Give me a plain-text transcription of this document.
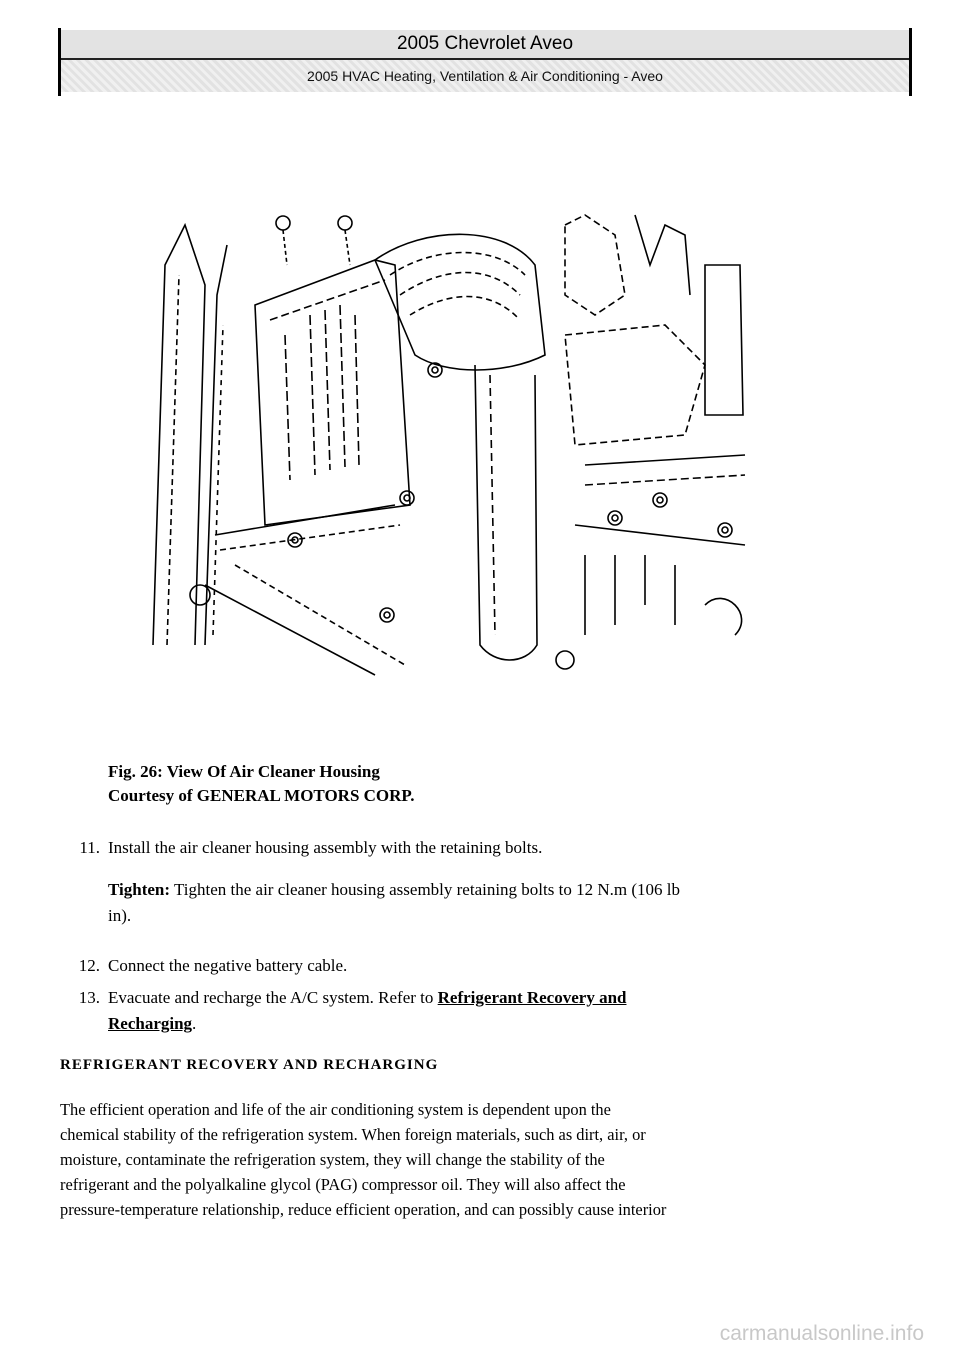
2005 Chevrolet Aveo
2005 HVAC Heating, Ventilation & Air Conditioning - Aveo
Fig. 26: View Of Air Cleaner Housing
Courtesy of GENERAL MOTORS CORP.
11. Install the air cleaner housing assembly with the retaining bolts.
Tighten: Tighten the air cleaner housing assembly retaining bolts to 12 N.m (106 lb
in).
12. Connect the negative battery cable.
13. Evacuate and recharge the A/C system. Refer to Refrigerant Recovery and
Recharging.
REFRIGERANT RECOVERY AND RECHARGING
The efficient operation and life of the air conditioning system is dependent upon the
chemical stability of the refrigeration system. When foreign materials, such as dirt, air, or
moisture, contaminate the refrigeration system, they will change the stability of the
refrigerant and the polyalkaline glycol (PAG) compressor oil. They will also affect the
pressure-temperature relationship, reduce efficient operation, and can possibly cause interior
carmanualsonline.info
